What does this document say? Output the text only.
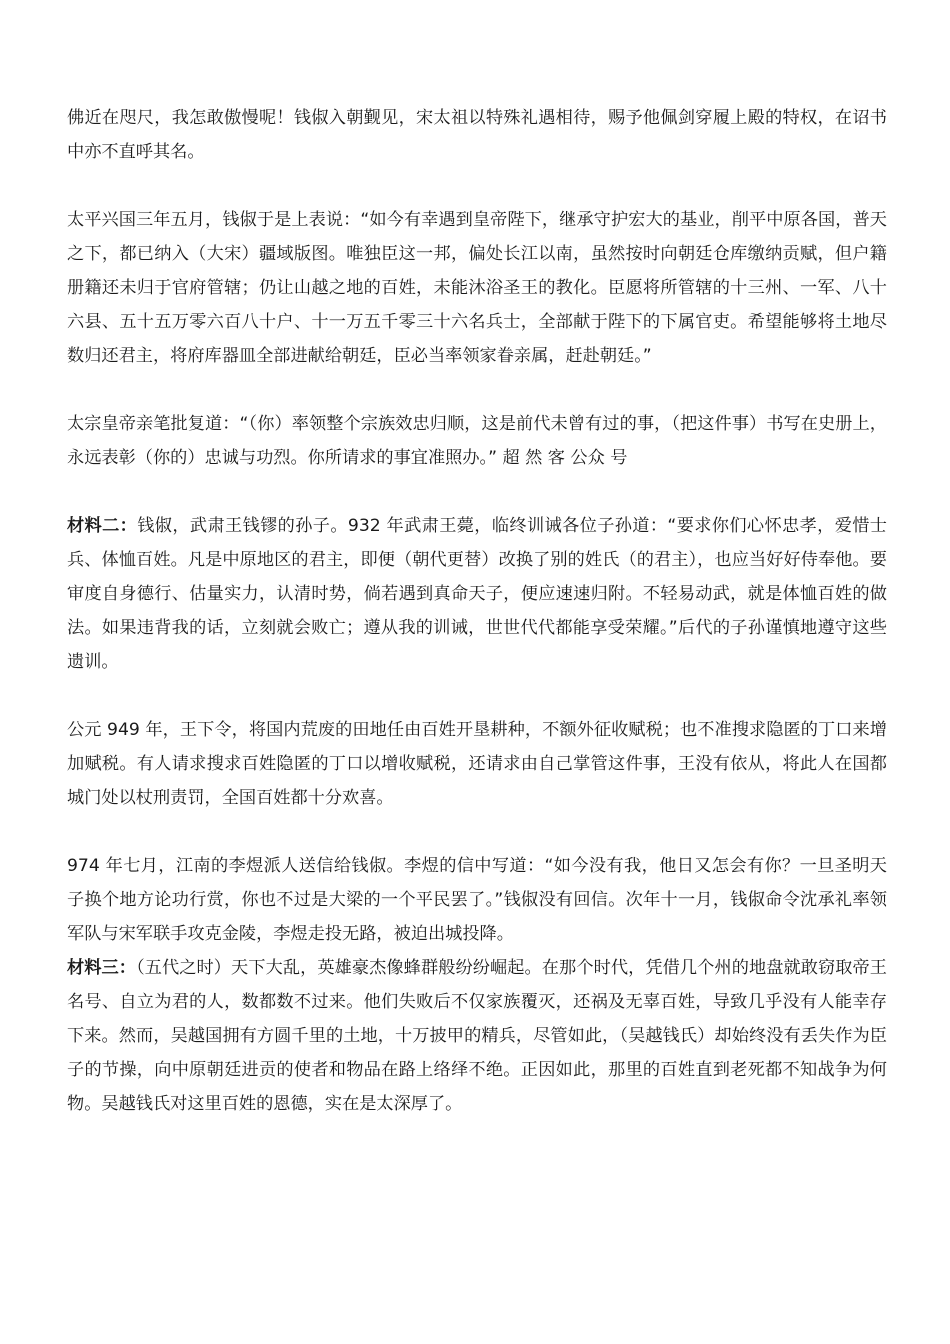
佛近在咫尺，我怎敢傲慢呢！钱俶入朝觐见，宋太祖以特殊礼遇相待，赐予他佩剑穿履上殿的特权，在诏书中亦不直呼其名。

太平兴国三年五月，钱俶于是上表说：“如今有幸遇到皇帝陛下，继承守护宏大的基业，削平中原各国，普天之下，都已纳入（大宋）疆域版图。唯独臣这一邦，偏处长江以南，虽然按时向朝廷仓库缴纳贡赋，但户籍册籍还未归于官府管辖；仍让山越之地的百姓，未能沐浴圣王的教化。臣愿将所管辖的十三州、一军、八十六县、五十五万零六百八十户、十一万五千零三十六名兵士，全部献于陛下的下属官吏。希望能够将土地尽数归还君主，将府库器皿全部进献给朝廷，臣必当率领家眷亲属，赶赴朝廷。”

太宗皇帝亲笔批复道：“（你）率领整个宗族效忠归顺，这是前代未曾有过的事，（把这件事）书写在史册上，永远表彰（你的）忠诚与功烈。你所请求的事宜准照办。” 超 然 客 公众 号

材料二：钱俶，武肃王钱镠的孙子。932 年武肃王薨，临终训诫各位子孙道：“要求你们心怀忠孝，爱惜士兵、体恤百姓。凡是中原地区的君主，即便（朝代更替）改换了别的姓氏（的君主），也应当好好侍奉他。要审度自身德行、估量实力，认清时势，倘若遇到真命天子，便应速速归附。不轻易动武，就是体恤百姓的做法。如果违背我的话，立刻就会败亡；遵从我的训诫，世世代代都能享受荣耀。”后代的子孙谨慎地遵守这些遗训。

公元 949 年，王下令，将国内荒废的田地任由百姓开垦耕种，不额外征收赋税；也不准搜求隐匿的丁口来增加赋税。有人请求搜求百姓隐匿的丁口以增收赋税，还请求由自己掌管这件事，王没有依从，将此人在国都城门处以杖刑责罚，全国百姓都十分欢喜。

974 年七月，江南的李煜派人送信给钱俶。李煜的信中写道：“如今没有我，他日又怎会有你？一旦圣明天子换个地方论功行赏，你也不过是大梁的一个平民罢了。”钱俶没有回信。次年十一月，钱俶命令沈承礼率领军队与宋军联手攻克金陵，李煜走投无路，被迫出城投降。

材料三：（五代之时）天下大乱，英雄豪杰像蜂群般纷纷崛起。在那个时代，凭借几个州的地盘就敢窃取帝王名号、自立为君的人，数都数不过来。他们失败后不仅家族覆灭，还祸及无辜百姓，导致几乎没有人能幸存下来。然而，吴越国拥有方圆千里的土地，十万披甲的精兵，尽管如此，（吴越钱氏）却始终没有丢失作为臣子的节操，向中原朝廷进贡的使者和物品在路上络绎不绝。正因如此，那里的百姓直到老死都不知战争为何物。吴越钱氏对这里百姓的恩德，实在是太深厚了。
